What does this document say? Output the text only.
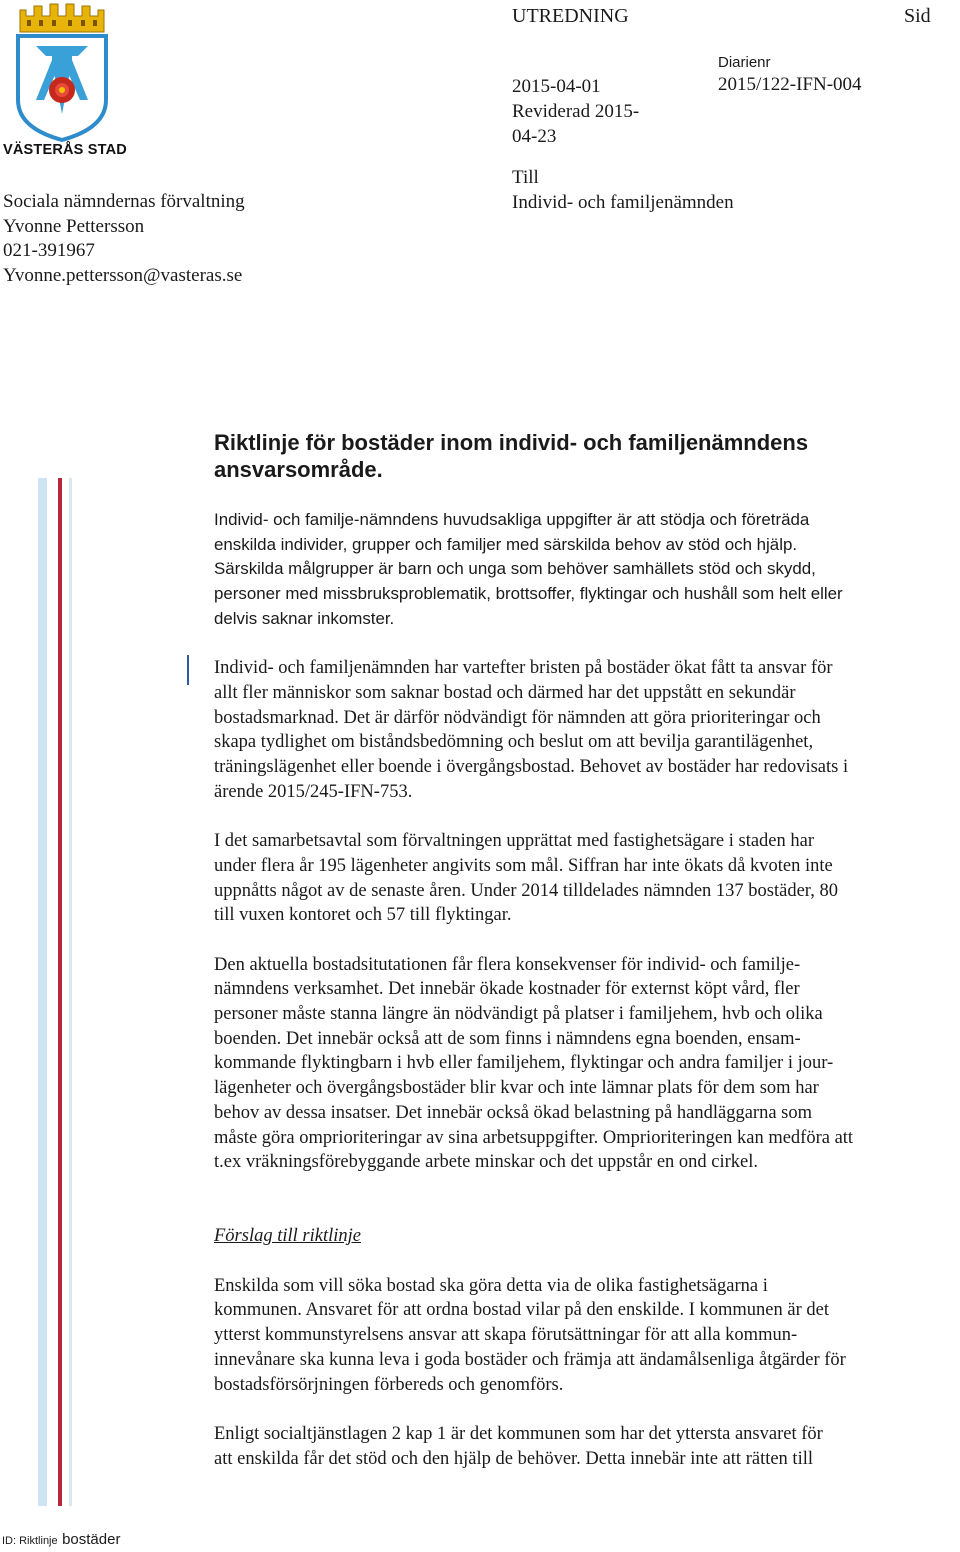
VÄSTERÅS STAD
Sociala nämndernas förvaltning
Yvonne Pettersson
021-391967
Yvonne.pettersson@vasteras.se
UTREDNING	Sid
Diarienr
2015/122-IFN-004
2015-04-01
Reviderad 2015-
04-23
Till
Individ- och familjenämnden
Riktlinje för bostäder inom individ- och familjenämndens
ansvarsområde.
Individ- och familje-nämndens huvudsakliga uppgifter är att stödja och företräda
enskilda individer, grupper och familjer med särskilda behov av stöd och hjälp.
Särskilda målgrupper är barn och unga som behöver samhällets stöd och skydd,
personer med missbruksproblematik, brottsoffer, flyktingar och hushåll som helt eller
delvis saknar inkomster.
Individ- och familjenämnden har vartefter bristen på bostäder ökat fått ta ansvar för
allt fler människor som saknar bostad och därmed har det uppstått en sekundär
bostadsmarknad. Det är därför nödvändigt för nämnden att göra prioriteringar och
skapa tydlighet om biståndsbedömning och beslut om att bevilja garantilägenhet,
träningslägenhet eller boende i övergångsbostad. Behovet av bostäder har redovisats i
ärende 2015/245-IFN-753.
I det samarbetsavtal som förvaltningen upprättat med fastighetsägare i staden har
under flera år 195 lägenheter angivits som mål. Siffran har inte ökats då kvoten inte
uppnåtts något av de senaste åren. Under 2014 tilldelades nämnden 137 bostäder, 80
till vuxen kontoret och 57 till flyktingar.
Den aktuella bostadsitutationen får flera konsekvenser för individ- och familje-
nämndens verksamhet. Det innebär ökade kostnader för externst köpt vård, fler
personer måste stanna längre än nödvändigt på platser i familjehem, hvb och olika
boenden. Det innebär också att de som finns i nämndens egna boenden, ensam-
kommande flyktingbarn i hvb eller familjehem, flyktingar och andra familjer i jour-
lägenheter och övergångsbostäder blir kvar och inte lämnar plats för dem som har
behov av dessa insatser. Det innebär också ökad belastning på handläggarna som
måste göra omprioriteringar av sina arbetsuppgifter. Omprioriteringen kan medföra att
t.ex vräkningsförebyggande arbete minskar och det uppstår en ond cirkel.
Förslag till riktlinje
Enskilda som vill söka bostad ska göra detta via de olika fastighetsägarna i
kommunen. Ansvaret för att ordna bostad vilar på den enskilde. I kommunen är det
ytterst kommunstyrelsens ansvar att skapa förutsättningar för att alla kommun-
innevånare ska kunna leva i goda bostäder och främja att ändamålsenliga åtgärder för
bostadsförsörjningen förbereds och genomförs.
Enligt socialtjänstlagen 2 kap 1 är det kommunen som har det yttersta ansvaret för
att enskilda får det stöd och den hjälp de behöver. Detta innebär inte att rätten till
ID: Riktlinje bostäder
